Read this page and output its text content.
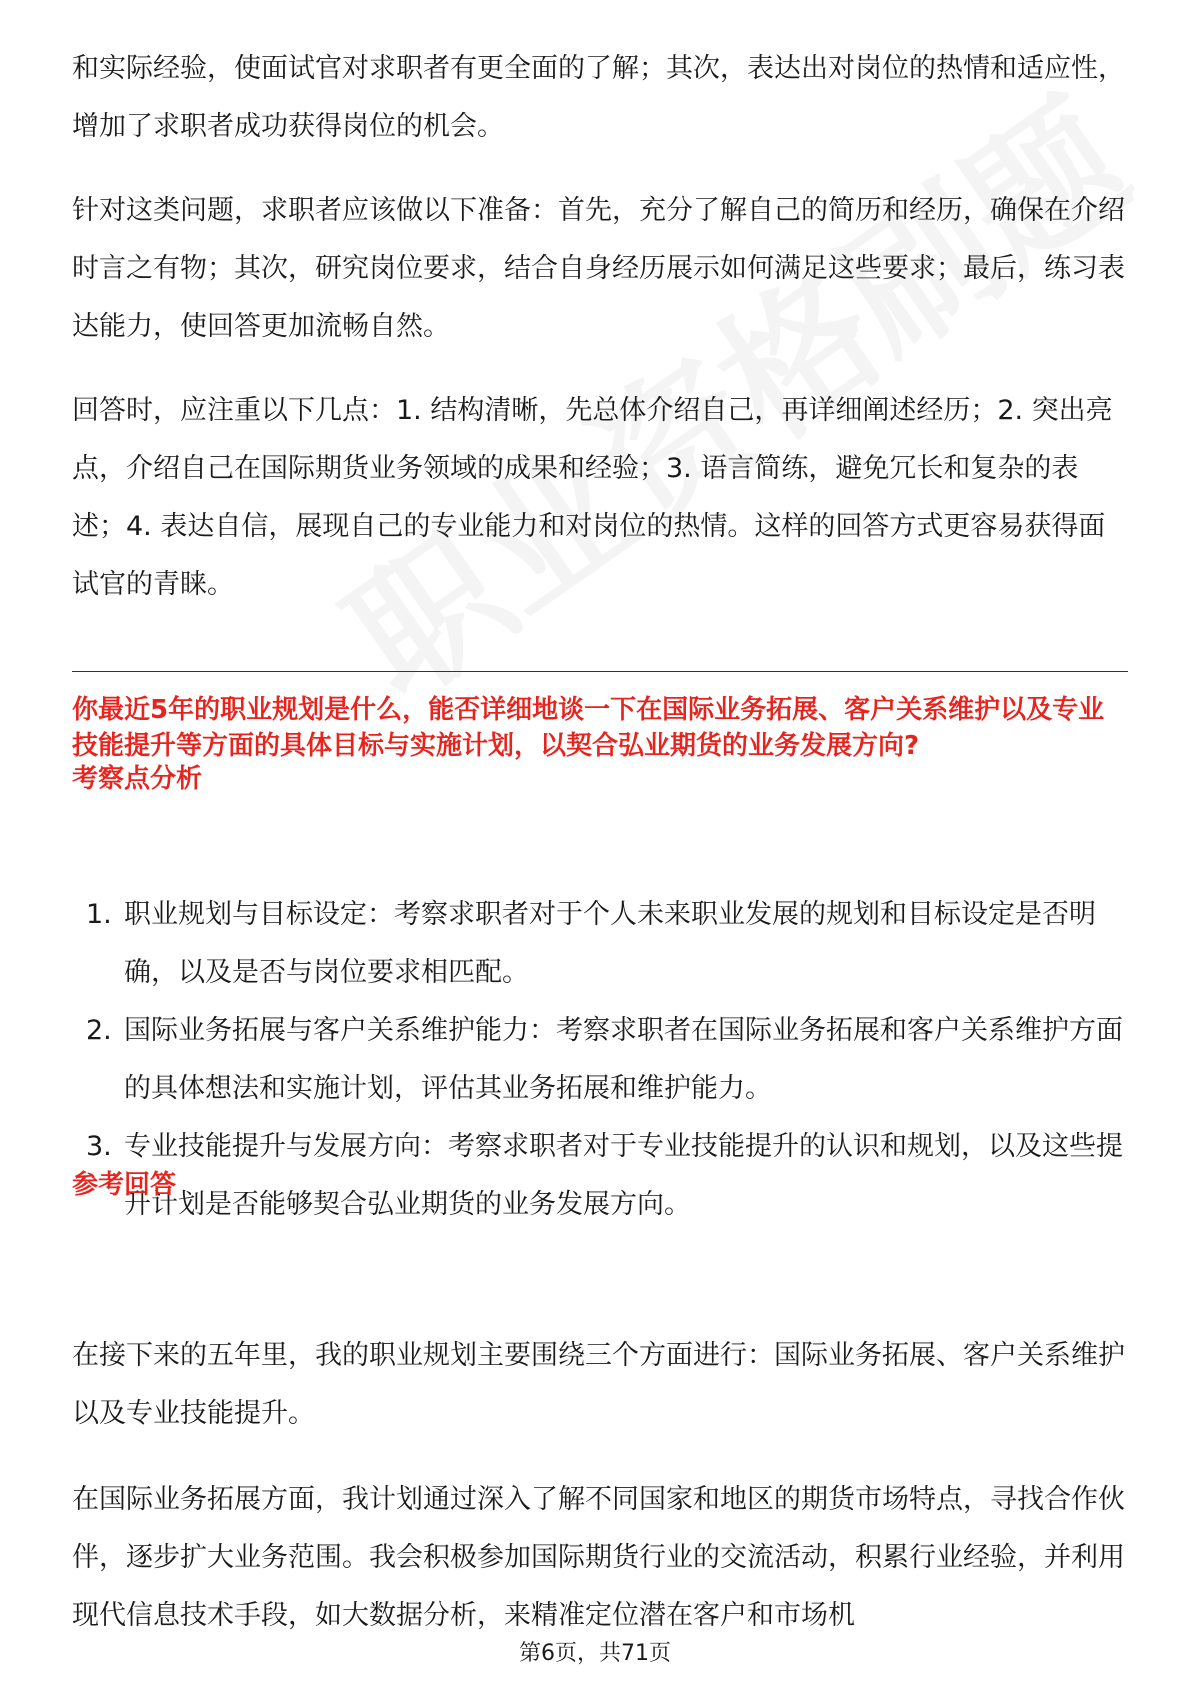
和实际经验，使面试官对求职者有更全面的了解；其次，表达出对岗位的热情和适应性，增加了求职者成功获得岗位的机会。

针对这类问题，求职者应该做以下准备：首先，充分了解自己的简历和经历，确保在介绍时言之有物；其次，研究岗位要求，结合自身经历展示如何满足这些要求；最后，练习表达能力，使回答更加流畅自然。

回答时，应注重以下几点：1. 结构清晰，先总体介绍自己，再详细阐述经历；2. 突出亮点，介绍自己在国际期货业务领域的成果和经验；3. 语言简练，避免冗长和复杂的表述；4. 表达自信，展现自己的专业能力和对岗位的热情。这样的回答方式更容易获得面试官的青睐。

你最近5年的职业规划是什么，能否详细地谈一下在国际业务拓展、客户关系维护以及专业技能提升等方面的具体目标与实施计划，以契合弘业期货的业务发展方向?

考察点分析

1. 职业规划与目标设定：考察求职者对于个人未来职业发展的规划和目标设定是否明确，以及是否与岗位要求相匹配。
2. 国际业务拓展与客户关系维护能力：考察求职者在国际业务拓展和客户关系维护方面的具体想法和实施计划，评估其业务拓展和维护能力。
3. 专业技能提升与发展方向：考察求职者对于专业技能提升的认识和规划，以及这些提升计划是否能够契合弘业期货的业务发展方向。

参考回答

在接下来的五年里，我的职业规划主要围绕三个方面进行：国际业务拓展、客户关系维护以及专业技能提升。

在国际业务拓展方面，我计划通过深入了解不同国家和地区的期货市场特点，寻找合作伙伴，逐步扩大业务范围。我会积极参加国际期货行业的交流活动，积累行业经验，并利用现代信息技术手段，如大数据分析，来精准定位潜在客户和市场机

第6页，共71页
